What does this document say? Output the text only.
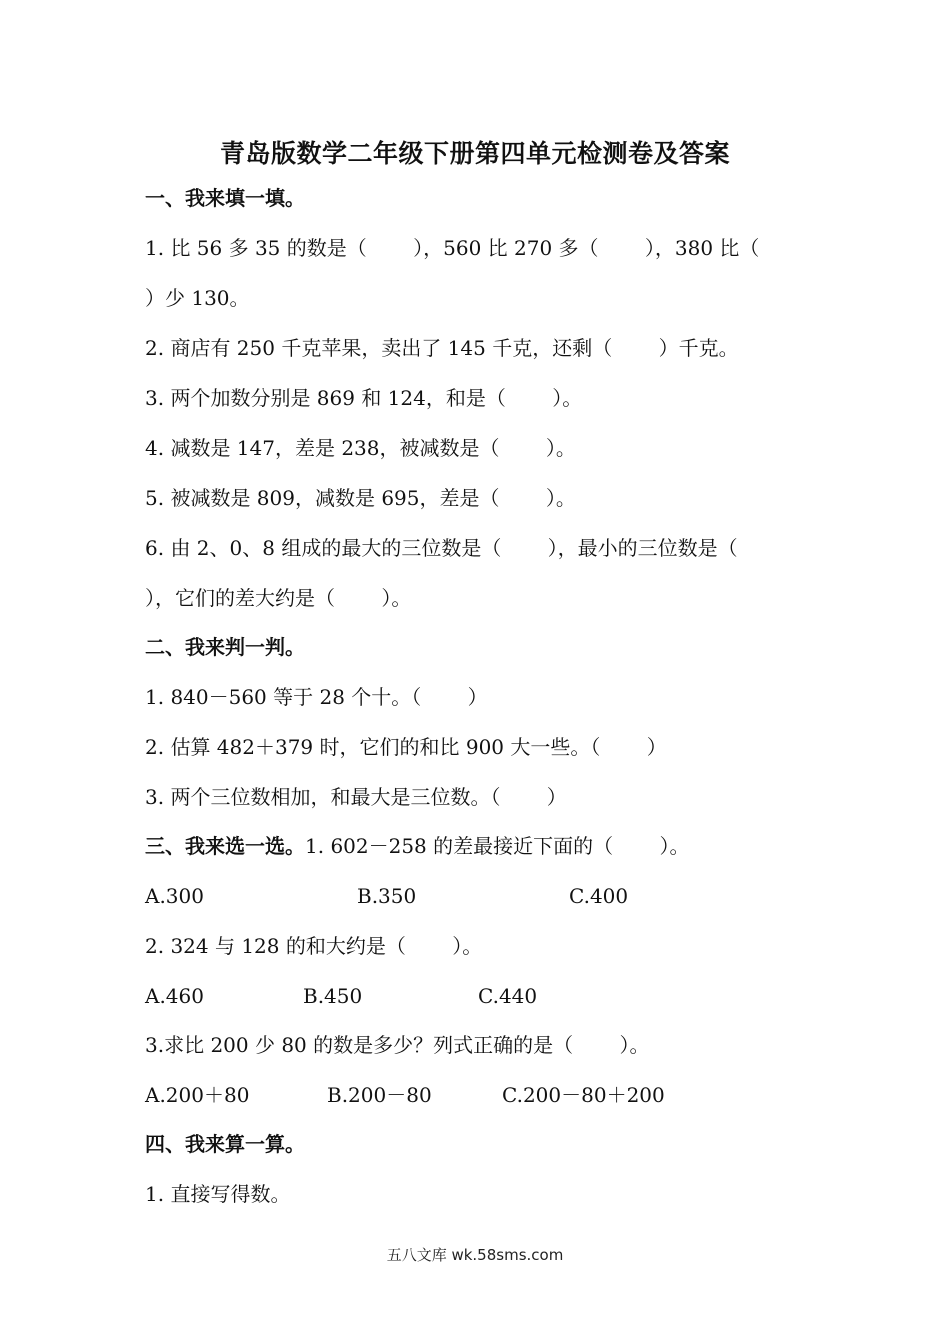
青岛版数学二年级下册第四单元检测卷及答案
一、我来填一填。
1. 比 56 多 35 的数是（　　 ），560 比 270 多（　　 ），380 比（
）少 130。
2. 商店有 250 千克苹果，卖出了 145 千克，还剩（　　 ）千克。
3. 两个加数分别是 869 和 124，和是（　　 ）。
4. 减数是 147，差是 238，被减数是（　　 ）。
5. 被减数是 809，减数是 695，差是（　　 ）。
6. 由 2、0、8 组成的最大的三位数是（　　 ），最小的三位数是（
），它们的差大约是（　　 ）。
二、我来判一判。
1. 840－560 等于 28 个十。（　　 ）
2. 估算 482＋379 时，它们的和比 900 大一些。（　　 ）
3. 两个三位数相加，和最大是三位数。（　　 ）
三、我来选一选。1. 602－258 的差最接近下面的（　　 ）。
A.300	B.350	C.400
2. 324 与 128 的和大约是（　　 ）。
A.460	B.450	C.440
3.求比 200 少 80 的数是多少？列式正确的是（　　 ）。
A.200＋80	B.200－80	C.200－80＋200
四、我来算一算。
1. 直接写得数。
五八文库 wk.58sms.com
